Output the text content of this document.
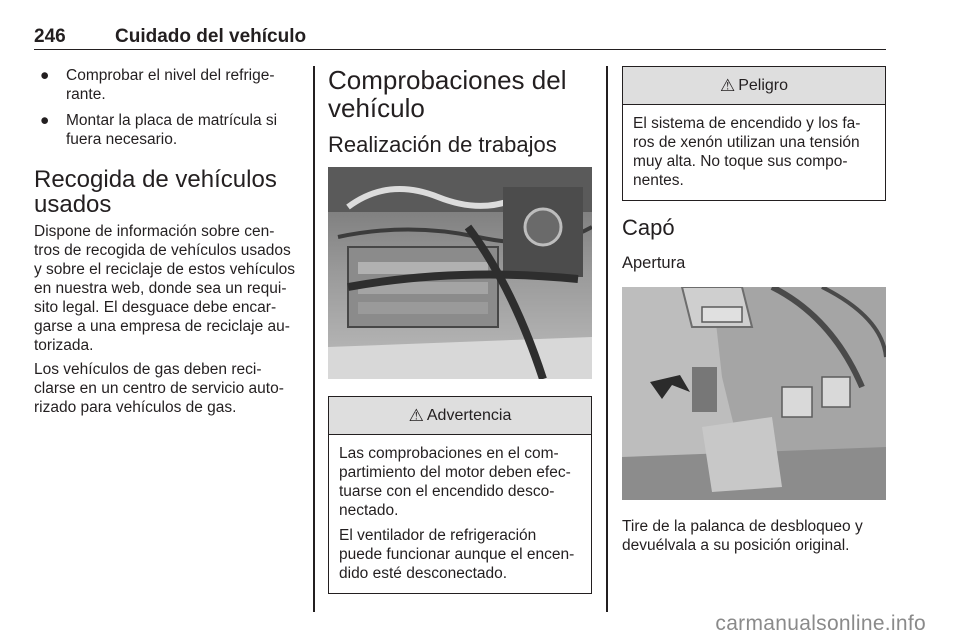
246	Cuidado del vehículo
● Comprobar el nivel del refrige-rante.
● Montar la placa de matrícula si fuera necesario.
Recogida de vehículos usados

Dispone de información sobre cen-tros de recogida de vehículos usados y sobre el reciclaje de estos vehículos en nuestra web, donde sea un requi-sito legal. El desguace debe encar-garse a una empresa de reciclaje au-torizada.

Los vehículos de gas deben reci-clarse en un centro de servicio auto-rizado para vehículos de gas.

Comprobaciones del vehículo
Realización de trabajos
⚠ Advertencia

Las comprobaciones en el com-partimiento del motor deben efec-tuarse con el encendido desco-nectado.

El ventilador de refrigeración puede funcionar aunque el encen-dido esté desconectado.

⚠ Peligro

El sistema de encendido y los fa-ros de xenón utilizan una tensión muy alta. No toque sus compo-nentes.

Capó
Apertura

Tire de la palanca de desbloqueo y devuélvala a su posición original.

carmanualsonline.info
